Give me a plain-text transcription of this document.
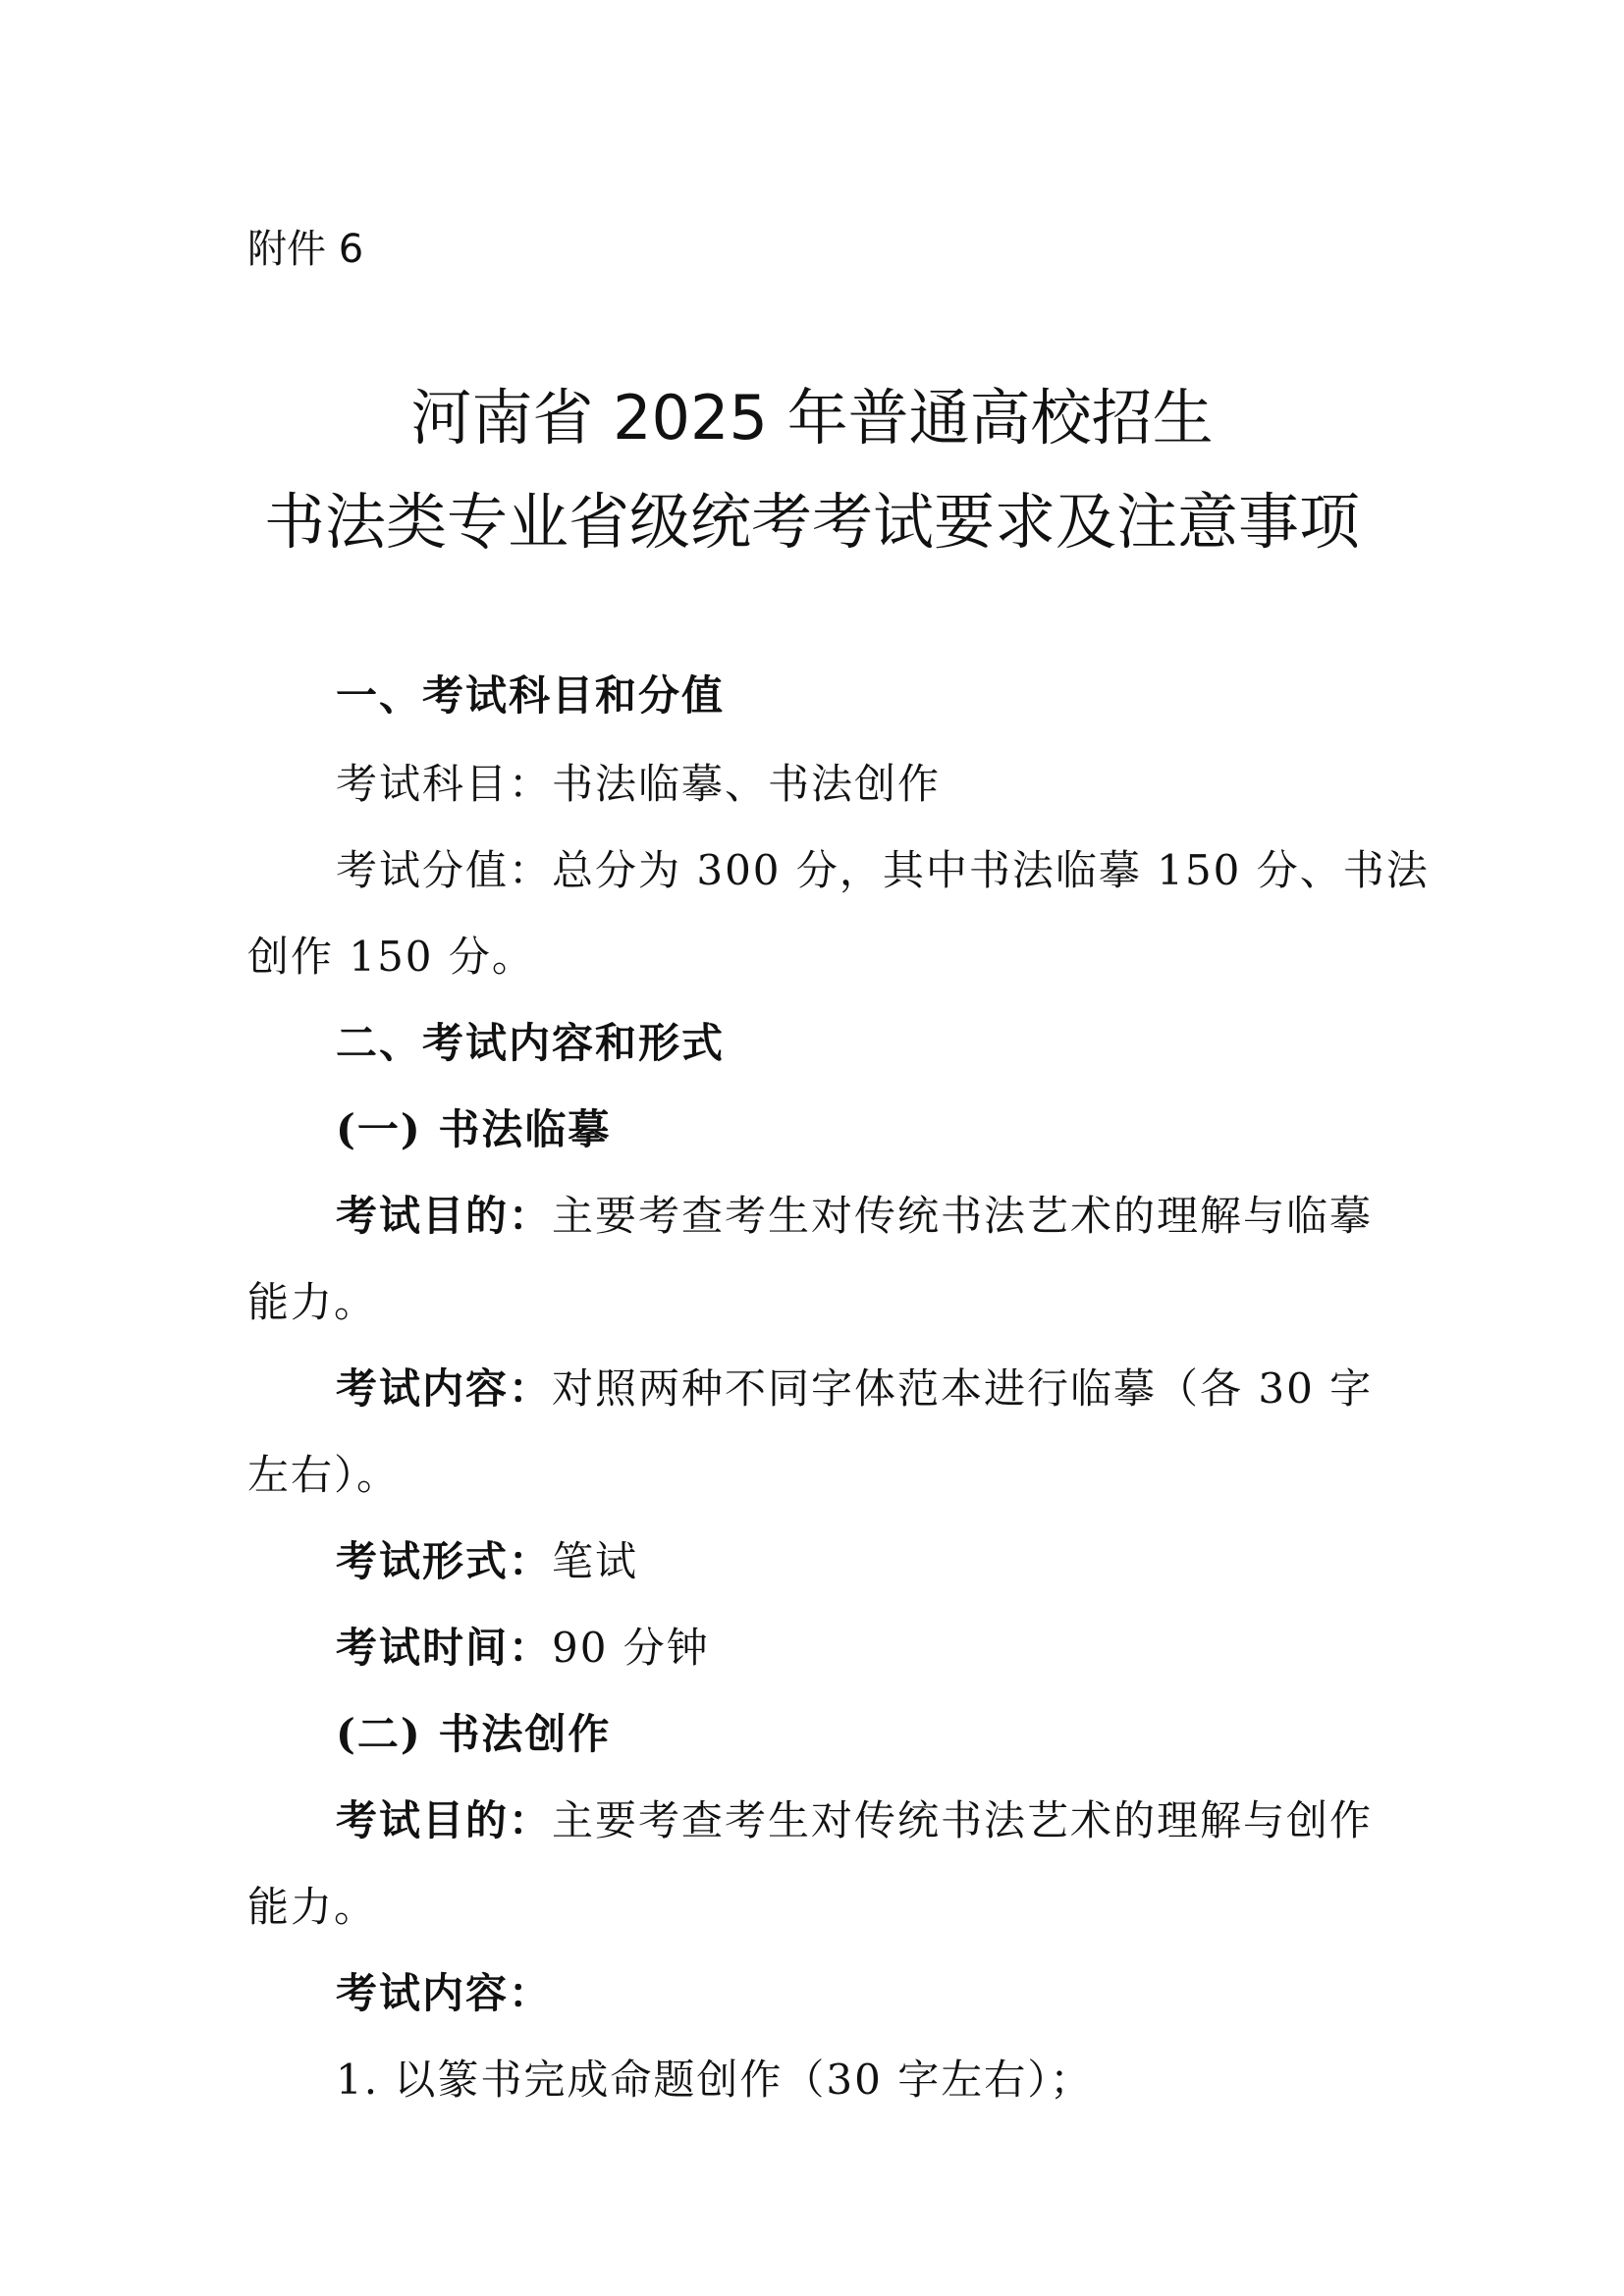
附件 6

河南省 2025 年普通高校招生
书法类专业省级统考考试要求及注意事项

一、考试科目和分值

考试科目：书法临摹、书法创作

考试分值：总分为 300 分，其中书法临摹 150 分、书法

创作 150 分。

二、考试内容和形式

(一) 书法临摹

考试目的：主要考查考生对传统书法艺术的理解与临摹

能力。

考试内容：对照两种不同字体范本进行临摹（各 30 字

左右）。

考试形式：笔试

考试时间：90 分钟

(二) 书法创作

考试目的：主要考查考生对传统书法艺术的理解与创作

能力。

考试内容：

1. 以篆书完成命题创作（30 字左右）；
